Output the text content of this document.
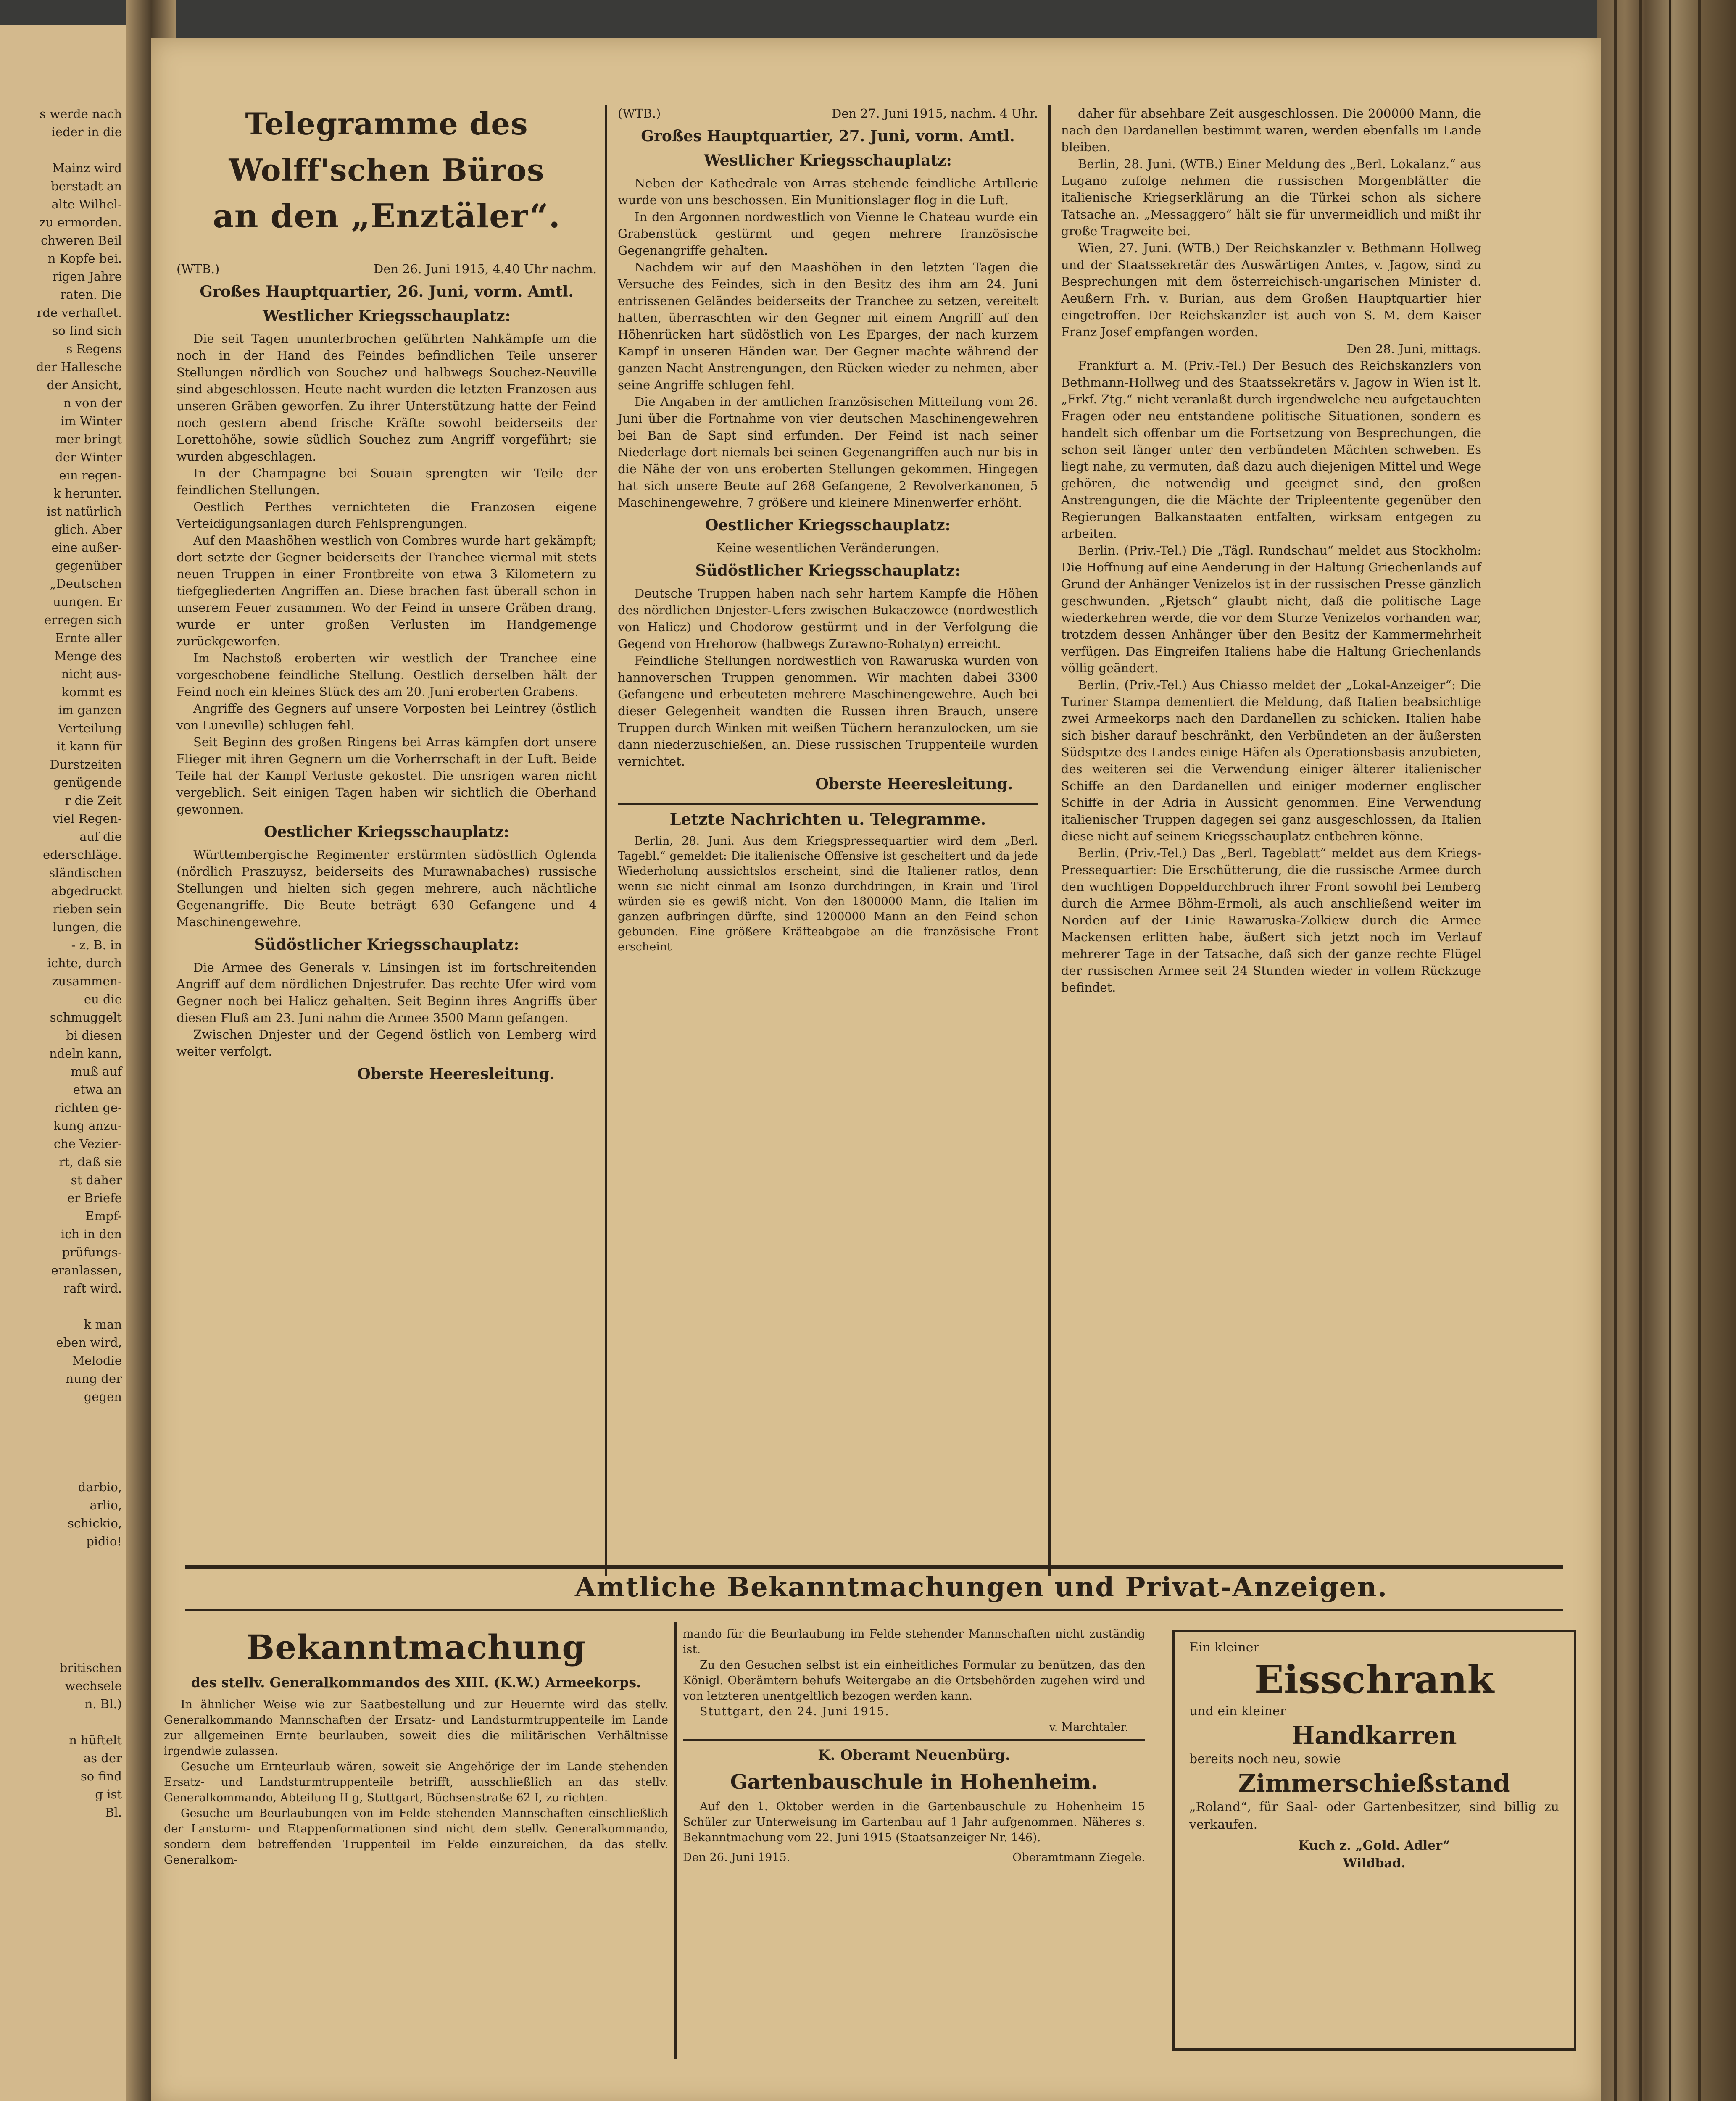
s werde nach
ieder in die

Mainz wird
berstadt an
alte Wilhel-
zu ermorden.
chweren Beil
n Kopfe bei.
rigen Jahre
raten. Die
rde verhaftet.
so find sich
s Regens
der Hallesche
der Ansicht,
n von der
im Winter
mer bringt
der Winter
ein regen-
k herunter.
ist natürlich
glich. Aber
eine außer-
gegenüber
„Deutschen
uungen. Er
erregen sich
Ernte aller
Menge des
nicht aus-
kommt es
im ganzen
Verteilung
it kann für
Durstzeiten
genügende
r die Zeit
viel Regen-
auf die
ederschläge.
sländischen
abgedruckt
rieben sein
lungen, die
- z. B. in
ichte, durch
zusammen-
eu die
schmuggelt
bi diesen
ndeln kann,
muß auf
etwa an
richten ge-
kung anzu-
che Vezier-
rt, daß sie
st daher
er Briefe
Empf-
ich in den
prüfungs-
eranlassen,
raft wird.

k man
eben wird,
Melodie
nung der
gegen

darbio,
arlio,
schickio,
pidio!

britischen
wechsele
n. Bl.)

n hüftelt
as der
so find
g ist
Bl.
Telegramme des Wolff'schen Büros
an den „Enztäler“.
(WTB.)	Den 26. Juni 1915, 4.40 Uhr nachm.
Großes Hauptquartier, 26. Juni, vorm. Amtl.
Westlicher Kriegsschauplatz:

Die seit Tagen ununterbrochen geführten Nahkämpfe um die noch in der Hand des Feindes befindlichen Teile unserer Stellungen nördlich von Souchez und halbwegs Souchez-Neuville sind abgeschlossen. Heute nacht wurden die letzten Franzosen aus unseren Gräben geworfen. Zu ihrer Unterstützung hatte der Feind noch gestern abend frische Kräfte sowohl beiderseits der Lorettohöhe, sowie südlich Souchez zum Angriff vorgeführt; sie wurden abgeschlagen.

In der Champagne bei Souain sprengten wir Teile der feindlichen Stellungen.

Oestlich Perthes vernichteten die Franzosen eigene Verteidigungsanlagen durch Fehlsprengungen.

Auf den Maashöhen westlich von Combres wurde hart gekämpft; dort setzte der Gegner beiderseits der Tranchee viermal mit stets neuen Truppen in einer Frontbreite von etwa 3 Kilometern zu tiefgegliederten Angriffen an. Diese brachen fast überall schon in unserem Feuer zusammen. Wo der Feind in unsere Gräben drang, wurde er unter großen Verlusten im Handgemenge zurückgeworfen.

Im Nachstoß eroberten wir westlich der Tranchee eine vorgeschobene feindliche Stellung. Oestlich derselben hält der Feind noch ein kleines Stück des am 20. Juni eroberten Grabens.

Angriffe des Gegners auf unsere Vorposten bei Leintrey (östlich von Luneville) schlugen fehl.

Seit Beginn des großen Ringens bei Arras kämpfen dort unsere Flieger mit ihren Gegnern um die Vorherrschaft in der Luft. Beide Teile hat der Kampf Verluste gekostet. Die unsrigen waren nicht vergeblich. Seit einigen Tagen haben wir sichtlich die Oberhand gewonnen.

Oestlicher Kriegsschauplatz:

Württembergische Regimenter erstürmten südöstlich Oglenda (nördlich Praszuysz, beiderseits des Murawnabaches) russische Stellungen und hielten sich gegen mehrere, auch nächtliche Gegenangriffe. Die Beute beträgt 630 Gefangene und 4 Maschinengewehre.

Südöstlicher Kriegsschauplatz:

Die Armee des Generals v. Linsingen ist im fortschreitenden Angriff auf dem nördlichen Dnjestrufer. Das rechte Ufer wird vom Gegner noch bei Halicz gehalten. Seit Beginn ihres Angriffs über diesen Fluß am 23. Juni nahm die Armee 3500 Mann gefangen.

Zwischen Dnjester und der Gegend östlich von Lemberg wird weiter verfolgt.

Oberste Heeresleitung.
(WTB.)	Den 27. Juni 1915, nachm. 4 Uhr.
Großes Hauptquartier, 27. Juni, vorm. Amtl.
Westlicher Kriegsschauplatz:

Neben der Kathedrale von Arras stehende feindliche Artillerie wurde von uns beschossen. Ein Munitionslager flog in die Luft.

In den Argonnen nordwestlich von Vienne le Chateau wurde ein Grabenstück gestürmt und gegen mehrere französische Gegenangriffe gehalten.

Nachdem wir auf den Maashöhen in den letzten Tagen die Versuche des Feindes, sich in den Besitz des ihm am 24. Juni entrissenen Geländes beiderseits der Tranchee zu setzen, vereitelt hatten, überraschten wir den Gegner mit einem Angriff auf den Höhenrücken hart südöstlich von Les Eparges, der nach kurzem Kampf in unseren Händen war. Der Gegner machte während der ganzen Nacht Anstrengungen, den Rücken wieder zu nehmen, aber seine Angriffe schlugen fehl.

Die Angaben in der amtlichen französischen Mitteilung vom 26. Juni über die Fortnahme von vier deutschen Maschinengewehren bei Ban de Sapt sind erfunden. Der Feind ist nach seiner Niederlage dort niemals bei seinen Gegenangriffen auch nur bis in die Nähe der von uns eroberten Stellungen gekommen. Hingegen hat sich unsere Beute auf 268 Gefangene, 2 Revolverkanonen, 5 Maschinengewehre, 7 größere und kleinere Minenwerfer erhöht.

Oestlicher Kriegsschauplatz:

Keine wesentlichen Veränderungen.

Südöstlicher Kriegsschauplatz:

Deutsche Truppen haben nach sehr hartem Kampfe die Höhen des nördlichen Dnjester-Ufers zwischen Bukaczowce (nordwestlich von Halicz) und Chodorow gestürmt und in der Verfolgung die Gegend von Hrehorow (halbwegs Zurawno-Rohatyn) erreicht.

Feindliche Stellungen nordwestlich von Rawaruska wurden von hannoverschen Truppen genommen. Wir machten dabei 3300 Gefangene und erbeuteten mehrere Maschinengewehre. Auch bei dieser Gelegenheit wandten die Russen ihren Brauch, unsere Truppen durch Winken mit weißen Tüchern heranzulocken, um sie dann niederzuschießen, an. Diese russischen Truppenteile wurden vernichtet.

Oberste Heeresleitung.
Letzte Nachrichten u. Telegramme.

Berlin, 28. Juni. Aus dem Kriegspressequartier wird dem „Berl. Tagebl.“ gemeldet: Die italienische Offensive ist gescheitert und da jede Wiederholung aussichtslos erscheint, sind die Italiener ratlos, denn wenn sie nicht einmal am Isonzo durchdringen, in Krain und Tirol würden sie es gewiß nicht. Von den 1800000 Mann, die Italien im ganzen aufbringen dürfte, sind 1200000 Mann an den Feind schon gebunden. Eine größere Kräfteabgabe an die französische Front erscheint

daher für absehbare Zeit ausgeschlossen. Die 200000 Mann, die nach den Dardanellen bestimmt waren, werden ebenfalls im Lande bleiben.

Berlin, 28. Juni. (WTB.) Einer Meldung des „Berl. Lokalanz.“ aus Lugano zufolge nehmen die russischen Morgenblätter die italienische Kriegserklärung an die Türkei schon als sichere Tatsache an. „Messaggero“ hält sie für unvermeidlich und mißt ihr große Tragweite bei.

Wien, 27. Juni. (WTB.) Der Reichskanzler v. Bethmann Hollweg und der Staatssekretär des Auswärtigen Amtes, v. Jagow, sind zu Besprechungen mit dem österreichisch-ungarischen Minister d. Aeußern Frh. v. Burian, aus dem Großen Hauptquartier hier eingetroffen. Der Reichskanzler ist auch von S. M. dem Kaiser Franz Josef empfangen worden.

Den 28. Juni, mittags.

Frankfurt a. M. (Priv.-Tel.) Der Besuch des Reichskanzlers von Bethmann-Hollweg und des Staatssekretärs v. Jagow in Wien ist lt. „Frkf. Ztg.“ nicht veranlaßt durch irgendwelche neu aufgetauchten Fragen oder neu entstandene politische Situationen, sondern es handelt sich offenbar um die Fortsetzung von Besprechungen, die schon seit länger unter den verbündeten Mächten schweben. Es liegt nahe, zu vermuten, daß dazu auch diejenigen Mittel und Wege gehören, die notwendig und geeignet sind, den großen Anstrengungen, die die Mächte der Tripleentente gegenüber den Regierungen Balkanstaaten entfalten, wirksam entgegen zu arbeiten.

Berlin. (Priv.-Tel.) Die „Tägl. Rundschau“ meldet aus Stockholm: Die Hoffnung auf eine Aenderung in der Haltung Griechenlands auf Grund der Anhänger Venizelos ist in der russischen Presse gänzlich geschwunden. „Rjetsch“ glaubt nicht, daß die politische Lage wiederkehren werde, die vor dem Sturze Venizelos vorhanden war, trotzdem dessen Anhänger über den Besitz der Kammermehrheit verfügen. Das Eingreifen Italiens habe die Haltung Griechenlands völlig geändert.

Berlin. (Priv.-Tel.) Aus Chiasso meldet der „Lokal-Anzeiger“: Die Turiner Stampa dementiert die Meldung, daß Italien beabsichtige zwei Armeekorps nach den Dardanellen zu schicken. Italien habe sich bisher darauf beschränkt, den Verbündeten an der äußersten Südspitze des Landes einige Häfen als Operationsbasis anzubieten, des weiteren sei die Verwendung einiger älterer italienischer Schiffe an den Dardanellen und einiger moderner englischer Schiffe in der Adria in Aussicht genommen. Eine Verwendung italienischer Truppen dagegen sei ganz ausgeschlossen, da Italien diese nicht auf seinem Kriegsschauplatz entbehren könne.

Berlin. (Priv.-Tel.) Das „Berl. Tageblatt“ meldet aus dem Kriegs-Pressequartier: Die Erschütterung, die die russische Armee durch den wuchtigen Doppeldurchbruch ihrer Front sowohl bei Lemberg durch die Armee Böhm-Ermoli, als auch anschließend weiter im Norden auf der Linie Rawaruska-Zolkiew durch die Armee Mackensen erlitten habe, äußert sich jetzt noch im Verlauf mehrerer Tage in der Tatsache, daß sich der ganze rechte Flügel der russischen Armee seit 24 Stunden wieder in vollem Rückzuge befindet.

Amtliche Bekanntmachungen und Privat-Anzeigen.
Bekanntmachung
des stellv. Generalkommandos des XIII. (K.W.) Armeekorps.

In ähnlicher Weise wie zur Saatbestellung und zur Heuernte wird das stellv. Generalkommando Mannschaften der Ersatz- und Landsturmtruppenteile im Lande zur allgemeinen Ernte beurlauben, soweit dies die militärischen Verhältnisse irgendwie zulassen.

Gesuche um Ernteurlaub wären, soweit sie Angehörige der im Lande stehenden Ersatz- und Landsturmtruppenteile betrifft, ausschließlich an das stellv. Generalkommando, Abteilung II g, Stuttgart, Büchsenstraße 62 I, zu richten.

Gesuche um Beurlaubungen von im Felde stehenden Mannschaften einschließlich der Lansturm- und Etappenformationen sind nicht dem stellv. Generalkommando, sondern dem betreffenden Truppenteil im Felde einzureichen, da das stellv. Generalkom-

mando für die Beurlaubung im Felde stehender Mannschaften nicht zuständig ist.

Zu den Gesuchen selbst ist ein einheitliches Formular zu benützen, das den Königl. Oberämtern behufs Weitergabe an die Ortsbehörden zugehen wird und von letzteren unentgeltlich bezogen werden kann.

Stuttgart, den 24. Juni 1915.

v. Marchtaler.

K. Oberamt Neuenbürg.
Gartenbauschule in Hohenheim.

Auf den 1. Oktober werden in die Gartenbauschule zu Hohenheim 15 Schüler zur Unterweisung im Gartenbau auf 1 Jahr aufgenommen. Näheres s. Bekanntmachung vom 22. Juni 1915 (Staatsanzeiger Nr. 146).

Den 26. Juni 1915.	Oberamtmann Ziegele.
Ein kleiner
Eisschrank
und ein kleiner
Handkarren
bereits noch neu, sowie
Zimmerschießstand
„Roland“, für Saal- oder Gartenbesitzer, sind billig zu verkaufen.
Kuch z. „Gold. Adler“
Wildbad.
